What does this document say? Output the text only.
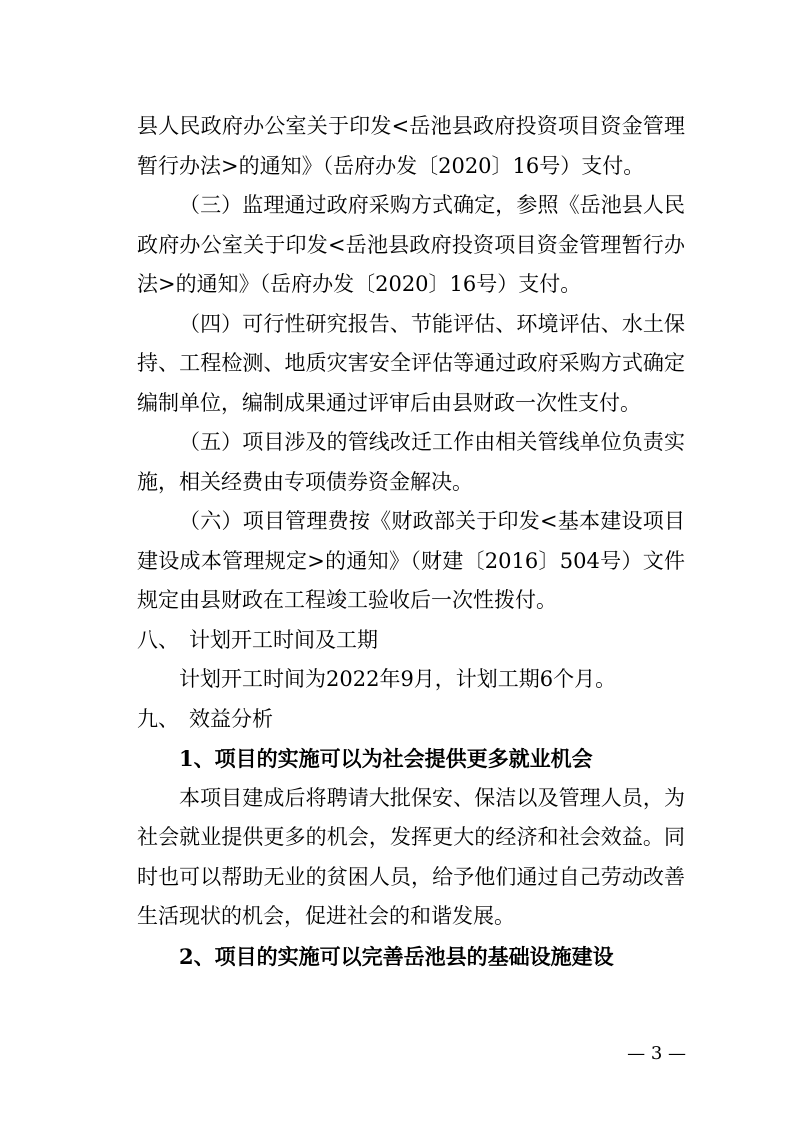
县人民政府办公室关于印发<岳池县政府投资项目资金管理暂行办法>的通知》（岳府办发〔2020〕16号）支付。

（三）监理通过政府采购方式确定，参照《岳池县人民政府办公室关于印发<岳池县政府投资项目资金管理暂行办法>的通知》（岳府办发〔2020〕16号）支付。

（四）可行性研究报告、节能评估、环境评估、水土保持、工程检测、地质灾害安全评估等通过政府采购方式确定编制单位，编制成果通过评审后由县财政一次性支付。

（五）项目涉及的管线改迁工作由相关管线单位负责实施，相关经费由专项债券资金解决。

（六）项目管理费按《财政部关于印发<基本建设项目建设成本管理规定>的通知》（财建〔2016〕504号）文件规定由县财政在工程竣工验收后一次性拨付。

八、 计划开工时间及工期

计划开工时间为2022年9月，计划工期6个月。

九、 效益分析

1、项目的实施可以为社会提供更多就业机会

本项目建成后将聘请大批保安、保洁以及管理人员，为社会就业提供更多的机会，发挥更大的经济和社会效益。同时也可以帮助无业的贫困人员，给予他们通过自己劳动改善生活现状的机会，促进社会的和谐发展。

2、项目的实施可以完善岳池县的基础设施建设

— 3 —
